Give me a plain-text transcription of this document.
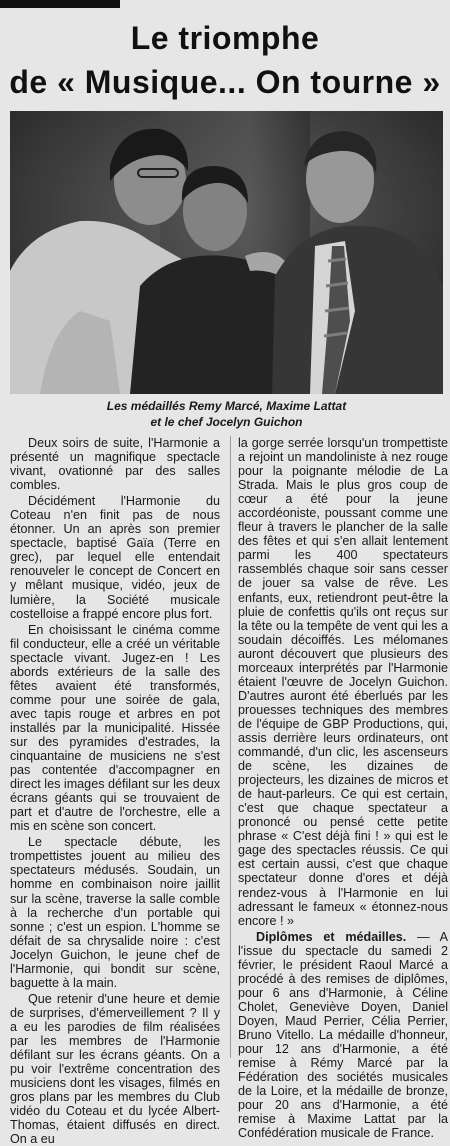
Le triomphe
de « Musique... On tourne »
Les médaillés Remy Marcé, Maxime Lattat
et le chef Jocelyn Guichon

Deux soirs de suite, l'Harmonie a présenté un magnifique spectacle vivant, ovationné par des salles combles.

Décidément l'Harmonie du Coteau n'en finit pas de nous étonner. Un an après son premier spectacle, baptisé Gaïa (Terre en grec), par lequel elle entendait renouveler le concept de Concert en y mêlant musique, vidéo, jeux de lumière, la Société musicale costelloise a frappé encore plus fort.

En choisissant le cinéma comme fil conducteur, elle a créé un véritable spectacle vivant. Jugez-en ! Les abords extérieurs de la salle des fêtes avaient été transformés, comme pour une soirée de gala, avec tapis rouge et arbres en pot installés par la municipalité. Hissée sur des pyramides d'estrades, la cinquantaine de musiciens ne s'est pas contentée d'accompagner en direct les images défilant sur les deux écrans géants qui se trouvaient de part et d'autre de l'orchestre, elle a mis en scène son concert.

Le spectacle débute, les trompettistes jouent au milieu des spectateurs médusés. Soudain, un homme en combinaison noire jaillit sur la scène, traverse la salle comble à la recherche d'un portable qui sonne ; c'est un espion. L'homme se défait de sa chrysalide noire : c'est Jocelyn Guichon, le jeune chef de l'Harmonie, qui bondit sur scène, baguette à la main.

Que retenir d'une heure et demie de surprises, d'émerveillement ? Il y a eu les parodies de film réalisées par les membres de l'Harmonie défilant sur les écrans géants. On a pu voir l'extrême concentration des musiciens dont les visages, filmés en gros plans par les membres du Club vidéo du Coteau et du lycée Albert-Thomas, étaient diffusés en direct. On a eu

la gorge serrée lorsqu'un trompettiste a rejoint un mandoliniste à nez rouge pour la poignante mélodie de La Strada. Mais le plus gros coup de cœur a été pour la jeune accordéoniste, poussant comme une fleur à travers le plancher de la salle des fêtes et qui s'en allait lentement parmi les 400 spectateurs rassemblés chaque soir sans cesser de jouer sa valse de rêve. Les enfants, eux, retiendront peut-être la pluie de confettis qu'ils ont reçus sur la tête ou la tempête de vent qui les a soudain décoiffés. Les mélomanes auront découvert que plusieurs des morceaux interprétés par l'Harmonie étaient l'œuvre de Jocelyn Guichon. D'autres auront été éberlués par les prouesses techniques des membres de l'équipe de GBP Productions, qui, assis derrière leurs ordinateurs, ont commandé, d'un clic, les ascenseurs de scène, les dizaines de projecteurs, les dizaines de micros et de haut-parleurs. Ce qui est certain, c'est que chaque spectateur a prononcé ou pensé cette petite phrase « C'est déjà fini ! » qui est le gage des spectacles réussis. Ce qui est certain aussi, c'est que chaque spectateur donne d'ores et déjà rendez-vous à l'Harmonie en lui adressant le fameux « étonnez-nous encore ! »

Diplômes et médailles. — A l'issue du spectacle du samedi 2 février, le président Raoul Marcé a procédé à des remises de diplômes, pour 6 ans d'Harmonie, à Céline Cholet, Geneviève Doyen, Daniel Doyen, Maud Perrier, Célia Perrier, Bruno Vitello. La médaille d'honneur, pour 12 ans d'Harmonie, a été remise à Rémy Marcé par la Fédération des sociétés musicales de la Loire, et la médaille de bronze, pour 20 ans d'Harmonie, a été remise à Maxime Lattat par la Confédération musicale de France.
